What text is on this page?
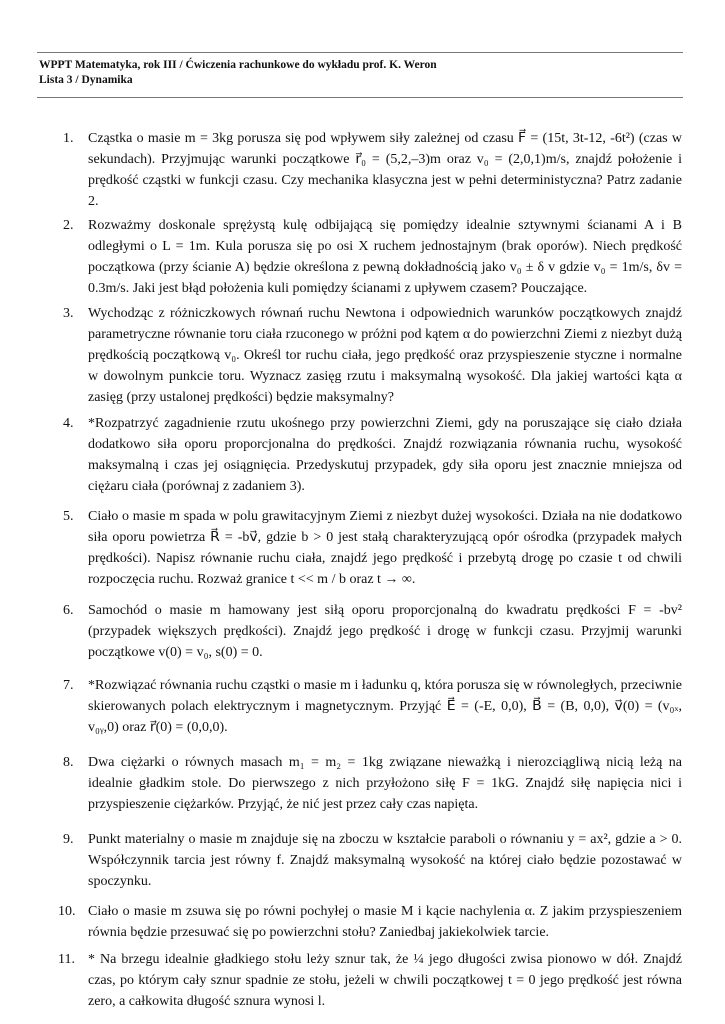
WPPT Matematyka, rok III / Ćwiczenia rachunkowe do wykładu prof. K. Weron
Lista 3 / Dynamika
1.	Cząstka o masie m = 3kg porusza się pod wpływem siły zależnej od czasu F⃗ = (15t, 3t-12, -6t²) (czas w sekundach). Przyjmując warunki początkowe r⃗₀ = (5,2,–3)m oraz v₀ = (2,0,1)m/s, znajdź położenie i prędkość cząstki w funkcji czasu. Czy mechanika klasyczna jest w pełni deterministyczna? Patrz zadanie 2.
2.	Rozważmy doskonale sprężystą kulę odbijającą się pomiędzy idealnie sztywnymi ścianami A i B odległymi o L = 1m. Kula porusza się po osi X ruchem jednostajnym (brak oporów). Niech prędkość początkowa (przy ścianie A) będzie określona z pewną dokładnością jako v₀ ± δ v gdzie v₀ = 1m/s, δv = 0.3m/s. Jaki jest błąd położenia kuli pomiędzy ścianami z upływem czasem? Pouczające.
3.	Wychodząc z różniczkowych równań ruchu Newtona i odpowiednich warunków początkowych znajdź parametryczne równanie toru ciała rzuconego w próżni pod kątem α do powierzchni Ziemi z niezbyt dużą prędkością początkową v₀. Określ tor ruchu ciała, jego prędkość oraz przyspieszenie styczne i normalne w dowolnym punkcie toru. Wyznacz zasięg rzutu i maksymalną wysokość. Dla jakiej wartości kąta α zasięg (przy ustalonej prędkości) będzie maksymalny?
4.	*Rozpatrzyć zagadnienie rzutu ukośnego przy powierzchni Ziemi, gdy na poruszające się ciało działa dodatkowo siła oporu proporcjonalna do prędkości. Znajdź rozwiązania równania ruchu, wysokość maksymalną i czas jej osiągnięcia. Przedyskutuj przypadek, gdy siła oporu jest znacznie mniejsza od ciężaru ciała (porównaj z zadaniem 3).
5.	Ciało o masie m spada w polu grawitacyjnym Ziemi z niezbyt dużej wysokości. Działa na nie dodatkowo siła oporu powietrza R⃗ = -bv⃗, gdzie b > 0 jest stałą charakteryzującą opór ośrodka (przypadek małych prędkości). Napisz równanie ruchu ciała, znajdź jego prędkość i przebytą drogę po czasie t od chwili rozpoczęcia ruchu. Rozważ granice t << m / b oraz t → ∞.
6.	Samochód o masie m hamowany jest siłą oporu proporcjonalną do kwadratu prędkości F = -bv² (przypadek większych prędkości). Znajdź jego prędkość i drogę w funkcji czasu. Przyjmij warunki początkowe v(0) = v₀, s(0) = 0.
7.	*Rozwiązać równania ruchu cząstki o masie m i ładunku q, która porusza się w równoległych, przeciwnie skierowanych polach elektrycznym i magnetycznym. Przyjąć E⃗ = (-E, 0,0), B⃗ = (B, 0,0), v⃗(0) = (v₀ₓ, v₀ᵧ,0) oraz r⃗(0) = (0,0,0).
8.	Dwa ciężarki o równych masach m₁ = m₂ = 1kg związane nieważką i nierozciągliwą nicią leżą na idealnie gładkim stole. Do pierwszego z nich przyłożono siłę F = 1kG. Znajdź siłę napięcia nici i przyspieszenie ciężarków. Przyjąć, że nić jest przez cały czas napięta.
9.	Punkt materialny o masie m znajduje się na zboczu w kształcie paraboli o równaniu y = ax², gdzie a > 0. Współczynnik tarcia jest równy f. Znajdź maksymalną wysokość na której ciało będzie pozostawać w spoczynku.
10. Ciało o masie m zsuwa się po równi pochyłej o masie M i kącie nachylenia α. Z jakim przyspieszeniem równia będzie przesuwać się po powierzchni stołu? Zaniedbaj jakiekolwiek tarcie.
11. * Na brzegu idealnie gładkiego stołu leży sznur tak, że ¼ jego długości zwisa pionowo w dół. Znajdź czas, po którym cały sznur spadnie ze stołu, jeżeli w chwili początkowej t = 0 jego prędkość jest równa zero, a całkowita długość sznura wynosi l.
